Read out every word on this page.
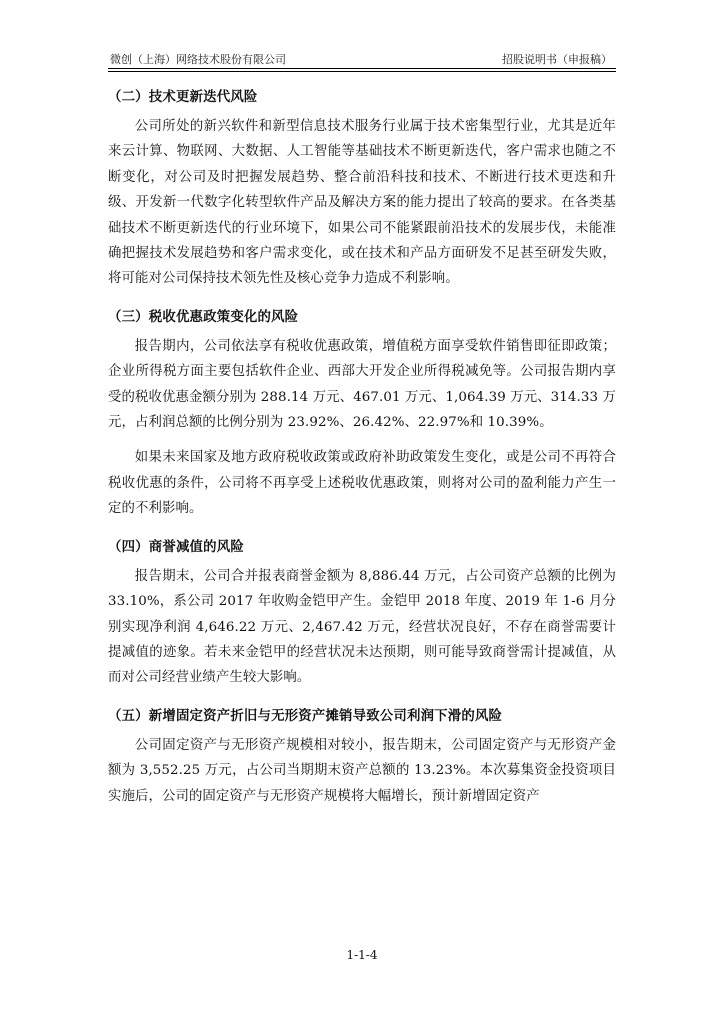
微创（上海）网络技术股份有限公司	招股说明书（申报稿）
（二）技术更新迭代风险

公司所处的新兴软件和新型信息技术服务行业属于技术密集型行业，尤其是近年来云计算、物联网、大数据、人工智能等基础技术不断更新迭代，客户需求也随之不断变化，对公司及时把握发展趋势、整合前沿科技和技术、不断进行技术更迭和升级、开发新一代数字化转型软件产品及解决方案的能力提出了较高的要求。在各类基础技术不断更新迭代的行业环境下，如果公司不能紧跟前沿技术的发展步伐，未能准确把握技术发展趋势和客户需求变化，或在技术和产品方面研发不足甚至研发失败，将可能对公司保持技术领先性及核心竞争力造成不利影响。

（三）税收优惠政策变化的风险

报告期内，公司依法享有税收优惠政策，增值税方面享受软件销售即征即政策；企业所得税方面主要包括软件企业、西部大开发企业所得税减免等。公司报告期内享受的税收优惠金额分别为 288.14 万元、467.01 万元、1,064.39 万元、314.33 万元，占利润总额的比例分别为 23.92%、26.42%、22.97%和 10.39%。

如果未来国家及地方政府税收政策或政府补助政策发生变化，或是公司不再符合税收优惠的条件，公司将不再享受上述税收优惠政策，则将对公司的盈利能力产生一定的不利影响。

（四）商誉减值的风险

报告期末，公司合并报表商誉金额为 8,886.44 万元，占公司资产总额的比例为 33.10%，系公司 2017 年收购金铠甲产生。金铠甲 2018 年度、2019 年 1-6 月分别实现净利润 4,646.22 万元、2,467.42 万元，经营状况良好，不存在商誉需要计提减值的迹象。若未来金铠甲的经营状况未达预期，则可能导致商誉需计提减值，从而对公司经营业绩产生较大影响。

（五）新增固定资产折旧与无形资产摊销导致公司利润下滑的风险

公司固定资产与无形资产规模相对较小，报告期末，公司固定资产与无形资产金额为 3,552.25 万元，占公司当期期末资产总额的 13.23%。本次募集资金投资项目实施后，公司的固定资产与无形资产规模将大幅增长，预计新增固定资产

1-1-4
